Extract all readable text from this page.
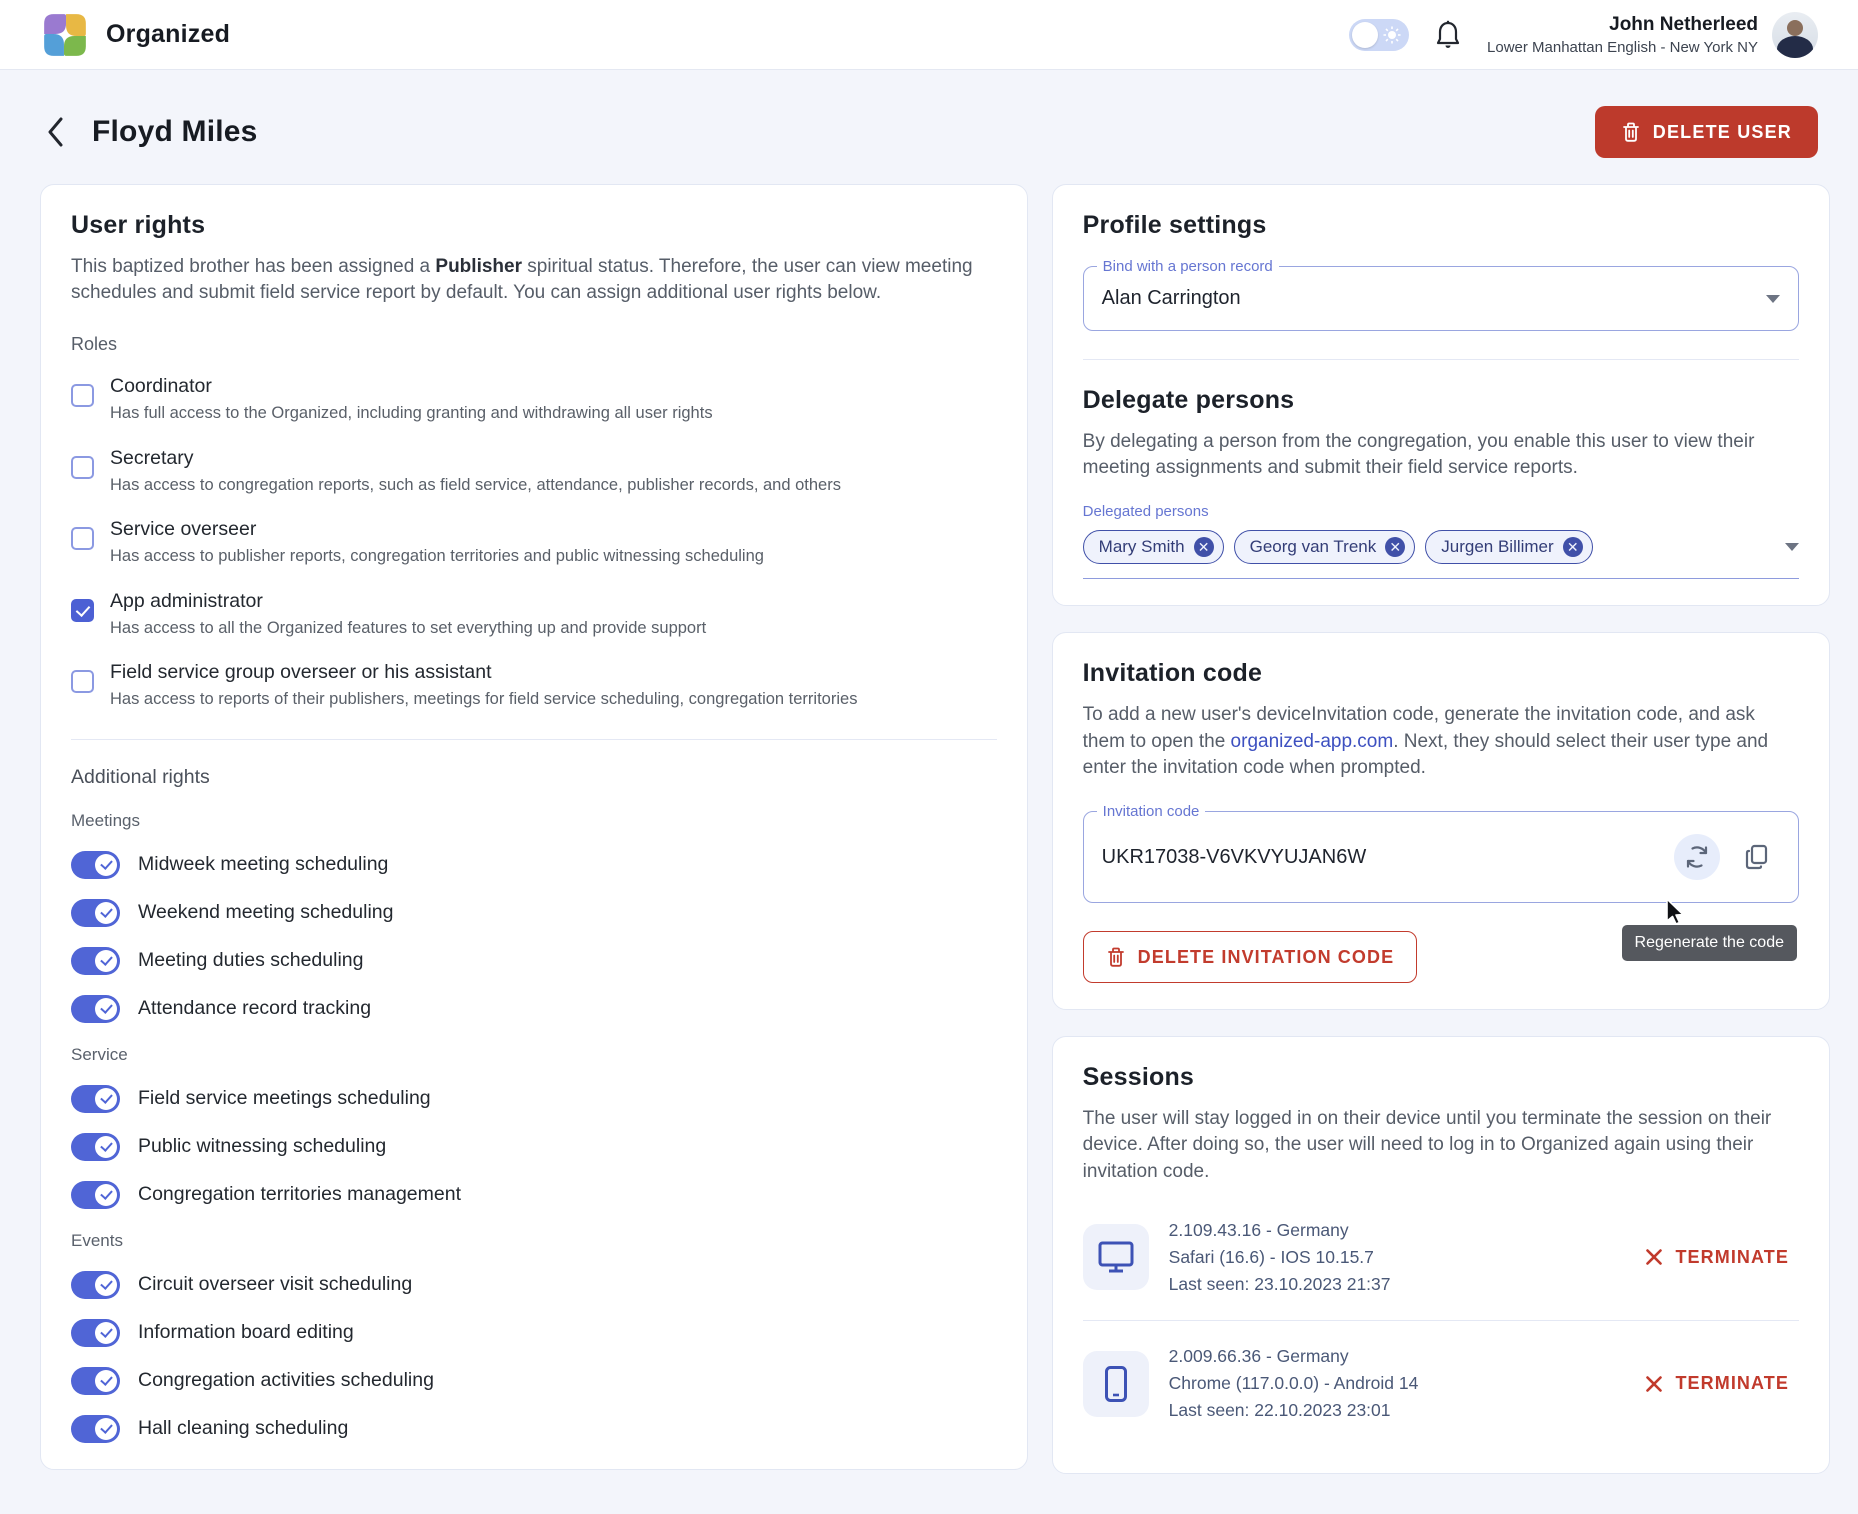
Organized	John Netherleed
Lower Manhattan English - New York NY
Floyd Miles	DELETE USER
User rights

This baptized brother has been assigned a Publisher spiritual status. Therefore, the user can view meeting schedules and submit field service report by default. You can assign additional user rights below.

Roles
Coordinator
Has full access to the Organized, including granting and withdrawing all user rights
Secretary
Has access to congregation reports, such as field service, attendance, publisher records, and others
Service overseer
Has access to publisher reports, congregation territories and public witnessing scheduling
App administrator
Has access to all the Organized features to set everything up and provide support
Field service group overseer or his assistant
Has access to reports of their publishers, meetings for field service scheduling, congregation territories
Additional rights
Meetings
Midweek meeting scheduling
Weekend meeting scheduling
Meeting duties scheduling
Attendance record tracking
Service
Field service meetings scheduling
Public witnessing scheduling
Congregation territories management
Events
Circuit overseer visit scheduling
Information board editing
Congregation activities scheduling
Hall cleaning scheduling
Profile settings
Bind with a person record
Alan Carrington
Delegate persons

By delegating a person from the congregation, you enable this user to view their meeting assignments and submit their field service reports.

Delegated persons
Mary Smith ✕ Georg van Trenk ✕ Jurgen Billimer ✕
Invitation code

To add a new user's deviceInvitation code, generate the invitation code, and ask them to open the organized-app.com. Next, they should select their user type and enter the invitation code when prompted.

Invitation code
UKR17038-V6VKVYUJAN6W
Regenerate the code
DELETE INVITATION CODE
Sessions

The user will stay logged in on their device until you terminate the session on their device. After doing so, the user will need to log in to Organized again using their invitation code.

2.109.43.16 - Germany
Safari (16.6) - IOS 10.15.7
Last seen: 23.10.2023 21:37
TERMINATE
2.009.66.36 - Germany
Chrome (117.0.0.0) - Android 14
Last seen: 22.10.2023 23:01
TERMINATE
